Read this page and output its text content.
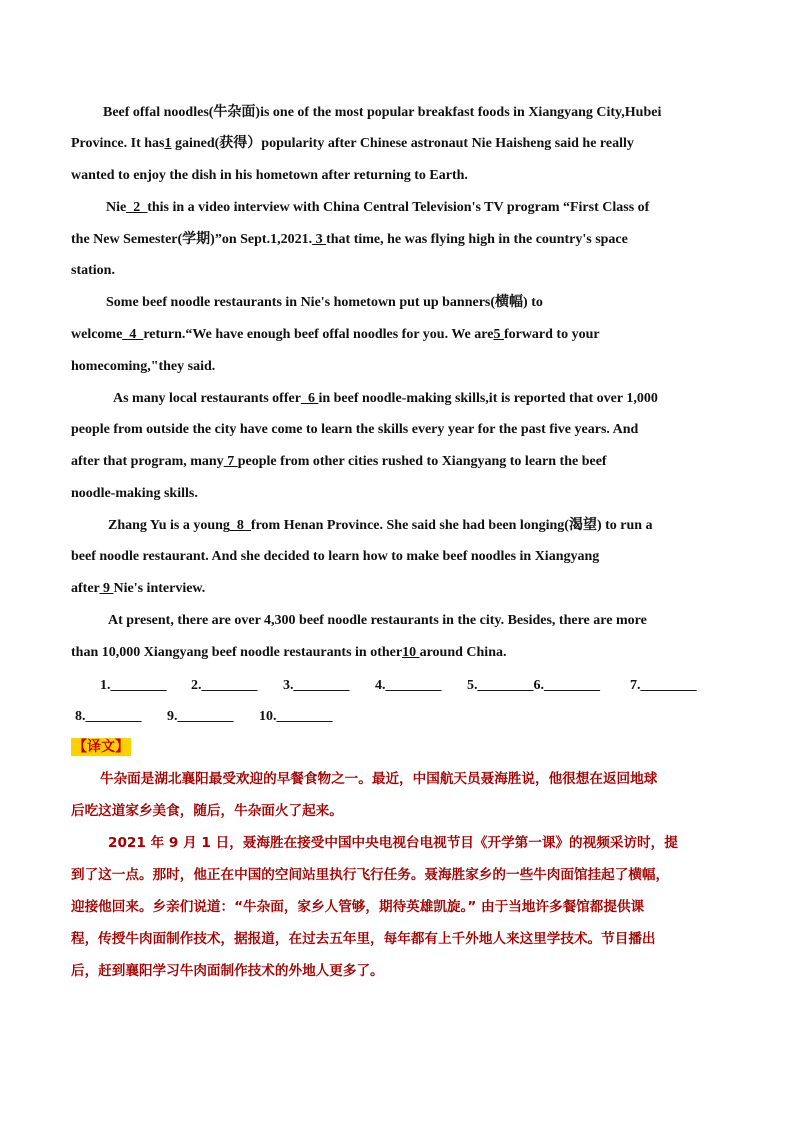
Beef offal noodles(牛杂面)is one of the most popular breakfast foods in Xiangyang City,Hubei
Province. It has1 gained(获得）popularity after Chinese astronaut Nie Haisheng said he really
wanted to enjoy the dish in his hometown after returning to Earth.
Nie_2_this in a video interview with China Central Television's TV program “First Class of
the New Semester(学期)”on Sept.1,2021. 3 that time, he was flying high in the country's space
station.
Some beef noodle restaurants in Nie's hometown put up banners(横幅) to
welcome_4_return.“We have enough beef offal noodles for you. We are5 forward to your
homecoming,"they said.
As many local restaurants offer_6 in beef noodle-making skills,it is reported that over 1,000
people from outside the city have come to learn the skills every year for the past five years. And
after that program, many 7 people from other cities rushed to Xiangyang to learn the beef
noodle-making skills.
Zhang Yu is a young_8_from Henan Province. She said she had been longing(渴望) to run a
beef noodle restaurant. And she decided to learn how to make beef noodles in Xiangyang
after 9 Nie's interview.
At present, there are over 4,300 beef noodle restaurants in the city. Besides, there are more
than 10,000 Xiangyang beef noodle restaurants in other10 around China.
1.________ 2.________ 3.________ 4.________ 5.________6.________ 7.________
8.________ 9.________ 10.________
【译文】
牛杂面是湖北襄阳最受欢迎的早餐食物之一。最近，中国航天员聂海胜说，他很想在返回地球
后吃这道家乡美食，随后，牛杂面火了起来。
2021 年 9 月 1 日，聂海胜在接受中国中央电视台电视节目《开学第一课》的视频采访时，提
到了这一点。那时，他正在中国的空间站里执行飞行任务。聂海胜家乡的一些牛肉面馆挂起了横幅，
迎接他回来。乡亲们说道：“牛杂面，家乡人管够，期待英雄凯旋。” 由于当地许多餐馆都提供课
程，传授牛肉面制作技术，据报道，在过去五年里，每年都有上千外地人来这里学技术。节目播出
后，赶到襄阳学习牛肉面制作技术的外地人更多了。
